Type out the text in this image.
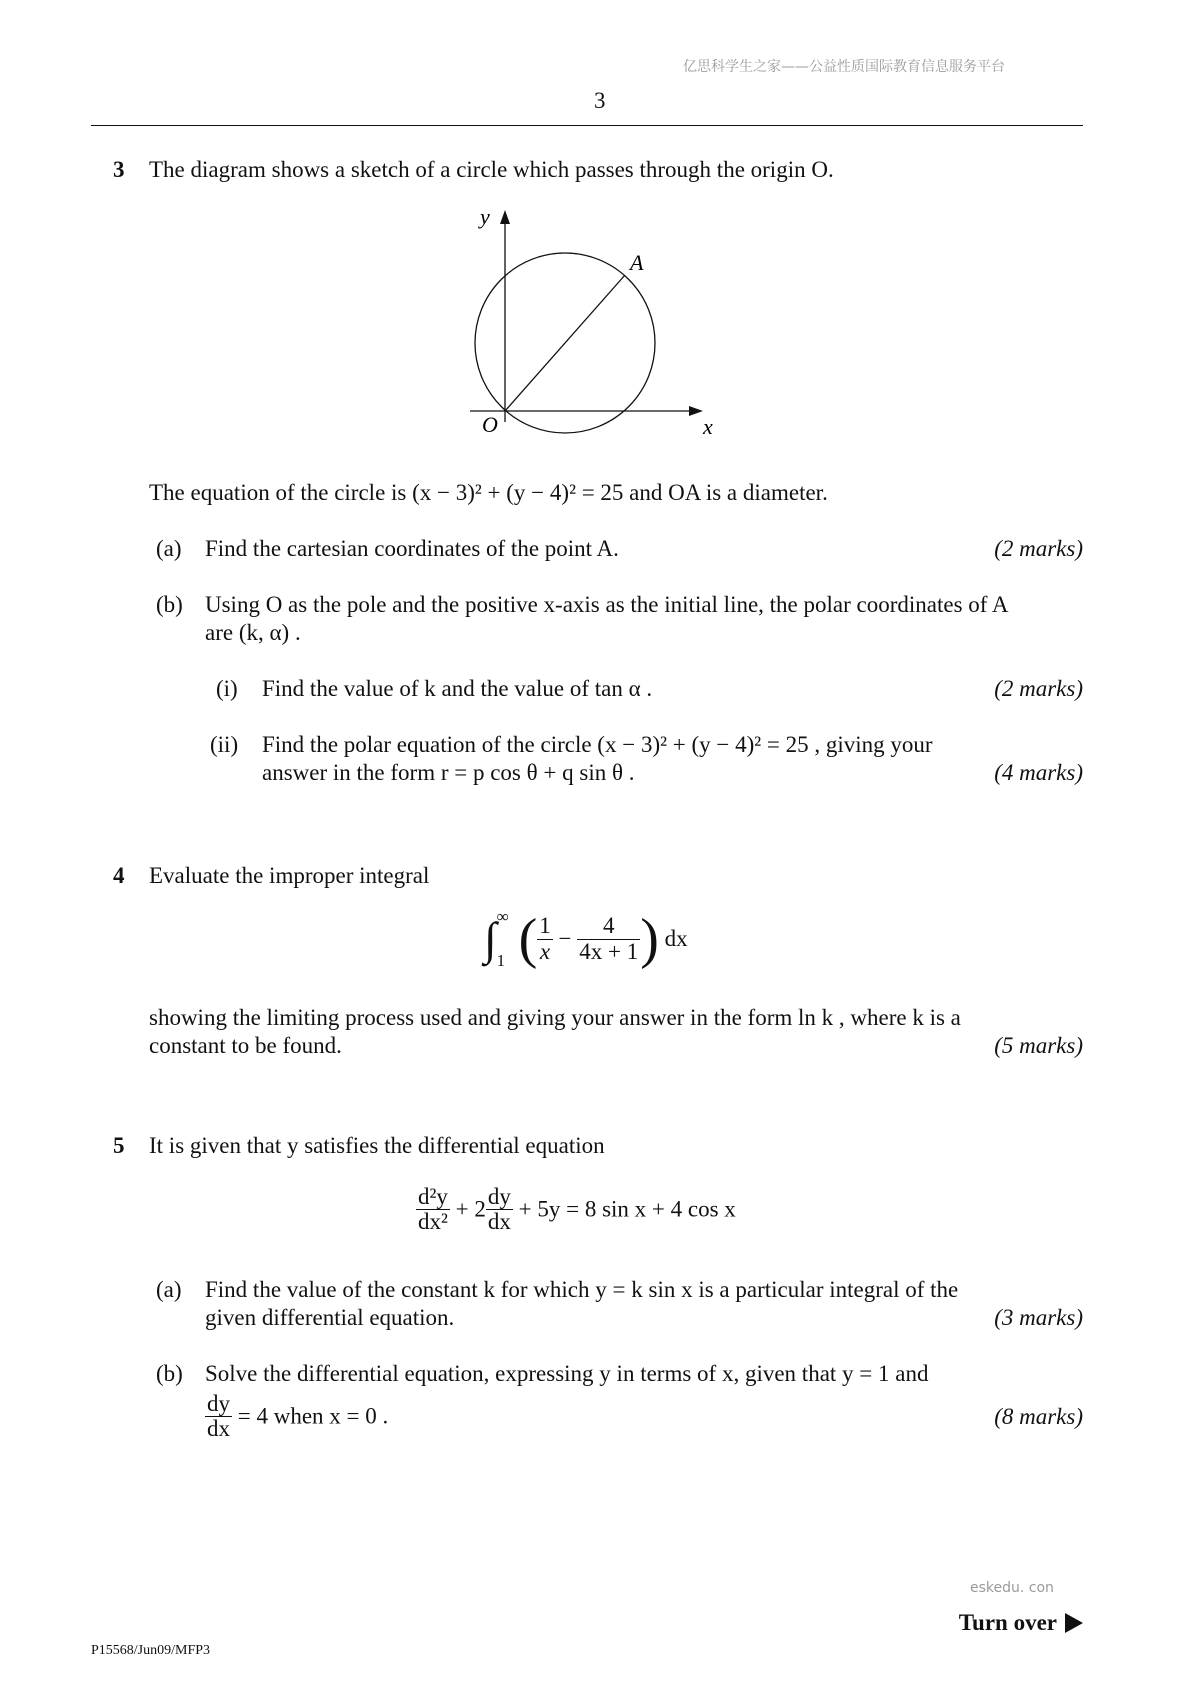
亿思科学生之家——公益性质国际教育信息服务平台
3
3 The diagram shows a sketch of a circle which passes through the origin O.
y
x
O
A
The equation of the circle is (x − 3)² + (y − 4)² = 25 and OA is a diameter.
(a) Find the cartesian coordinates of the point A.	(2 marks)
(b) Using O as the pole and the positive x-axis as the initial line, the polar coordinates of A
are (k, α) .
(i) Find the value of k and the value of tan α .	(2 marks)
(ii) Find the polar equation of the circle (x − 3)² + (y − 4)² = 25 , giving your
answer in the form r = p cos θ + q sin θ .	(4 marks)
4 Evaluate the improper integral
∫ ∞
1 ( $\frac{1}{x} - \frac{4}{4x + 1}$ ) dx
showing the limiting process used and giving your answer in the form ln k , where k is a
constant to be found.	(5 marks)
5 It is given that y satisfies the differential equation
$\frac{\text{d²y}}{\text{dx²}} + 2 \frac{dy}{dx} + 5y = 8$ sin x + 4 cos x
(a) Find the value of the constant k for which y = k sin x is a particular integral of the
given differential equation.	(3 marks)
(b) Solve the differential equation, expressing y in terms of x, given that y = 1 and
$\frac{dy}{dx} = 4$ when x = 0 .	(8 marks)
eskedu. con
Turn over
P15568/Jun09/MFP3
